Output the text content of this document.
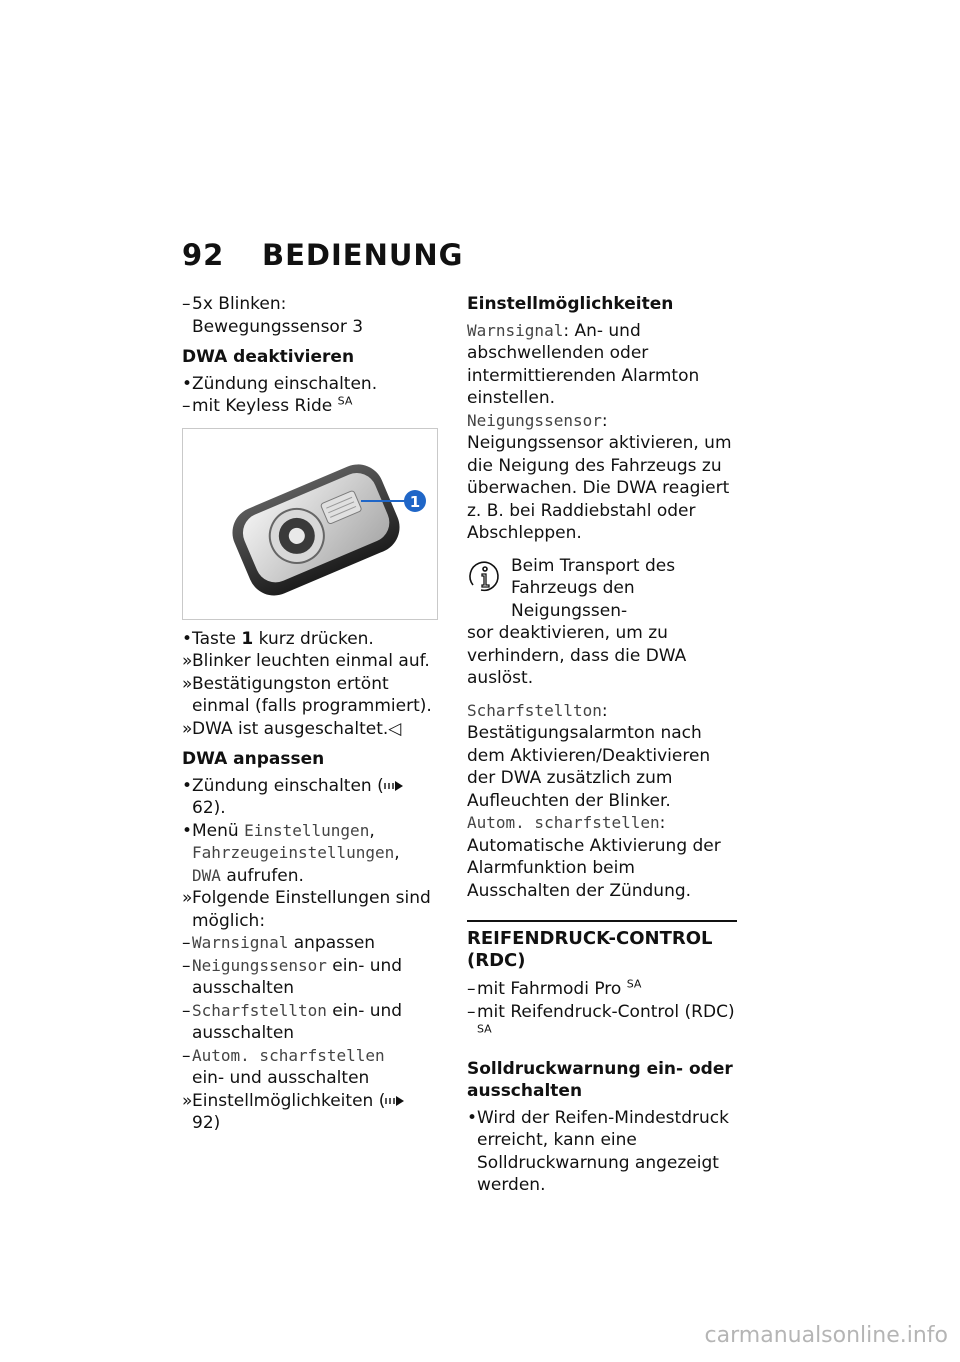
92 BEDIENUNG
– 5x Blinken: Bewegungssensor 3
DWA deaktivieren
• Zündung einschalten.
– mit Keyless Ride $^{SA}$
1
• Taste 1 kurz drücken.
» Blinker leuchten einmal auf.
» Bestätigungston ertönt einmal (falls programmiert).
» DWA ist ausgeschaltet.◁
DWA anpassen
• Zündung einschalten ( 62).
• Menü Einstellungen,
Fahrzeugeinstellungen,
DWA aufrufen.
» Folgende Einstellungen sind möglich:
– Warnsignal anpassen
– Neigungssensor ein- und ausschalten
– Scharfstellton ein- und ausschalten
– Autom. scharfstellen
ein- und ausschalten
» Einstellmöglichkeiten ( 92)
Einstellmöglichkeiten

Warnsignal: An- und abschwellenden oder intermittierenden Alarmton einstellen.

Neigungssensor: Neigungssensor aktivieren, um die Neigung des Fahrzeugs zu überwachen. Die DWA reagiert z. B. bei Raddiebstahl oder Abschleppen.

Beim Transport des Fahrzeugs den Neigungssen-

sor deaktivieren, um zu verhindern, dass die DWA auslöst.

Scharfstellton: Bestätigungsalarmton nach dem Aktivieren/Deaktivieren der DWA zusätzlich zum Aufleuchten der Blinker.

Autom. scharfstellen: Automatische Aktivierung der Alarmfunktion beim Ausschalten der Zündung.

REIFENDRUCK-CONTROL (RDC)
– mit Fahrmodi Pro $^{SA}$
– mit Reifendruck-Control (RDC) $^{SA}$
Solldruckwarnung ein- oder ausschalten
• Wird der Reifen-Mindestdruck erreicht, kann eine Solldruckwarnung angezeigt werden.
carmanualsonline.info
